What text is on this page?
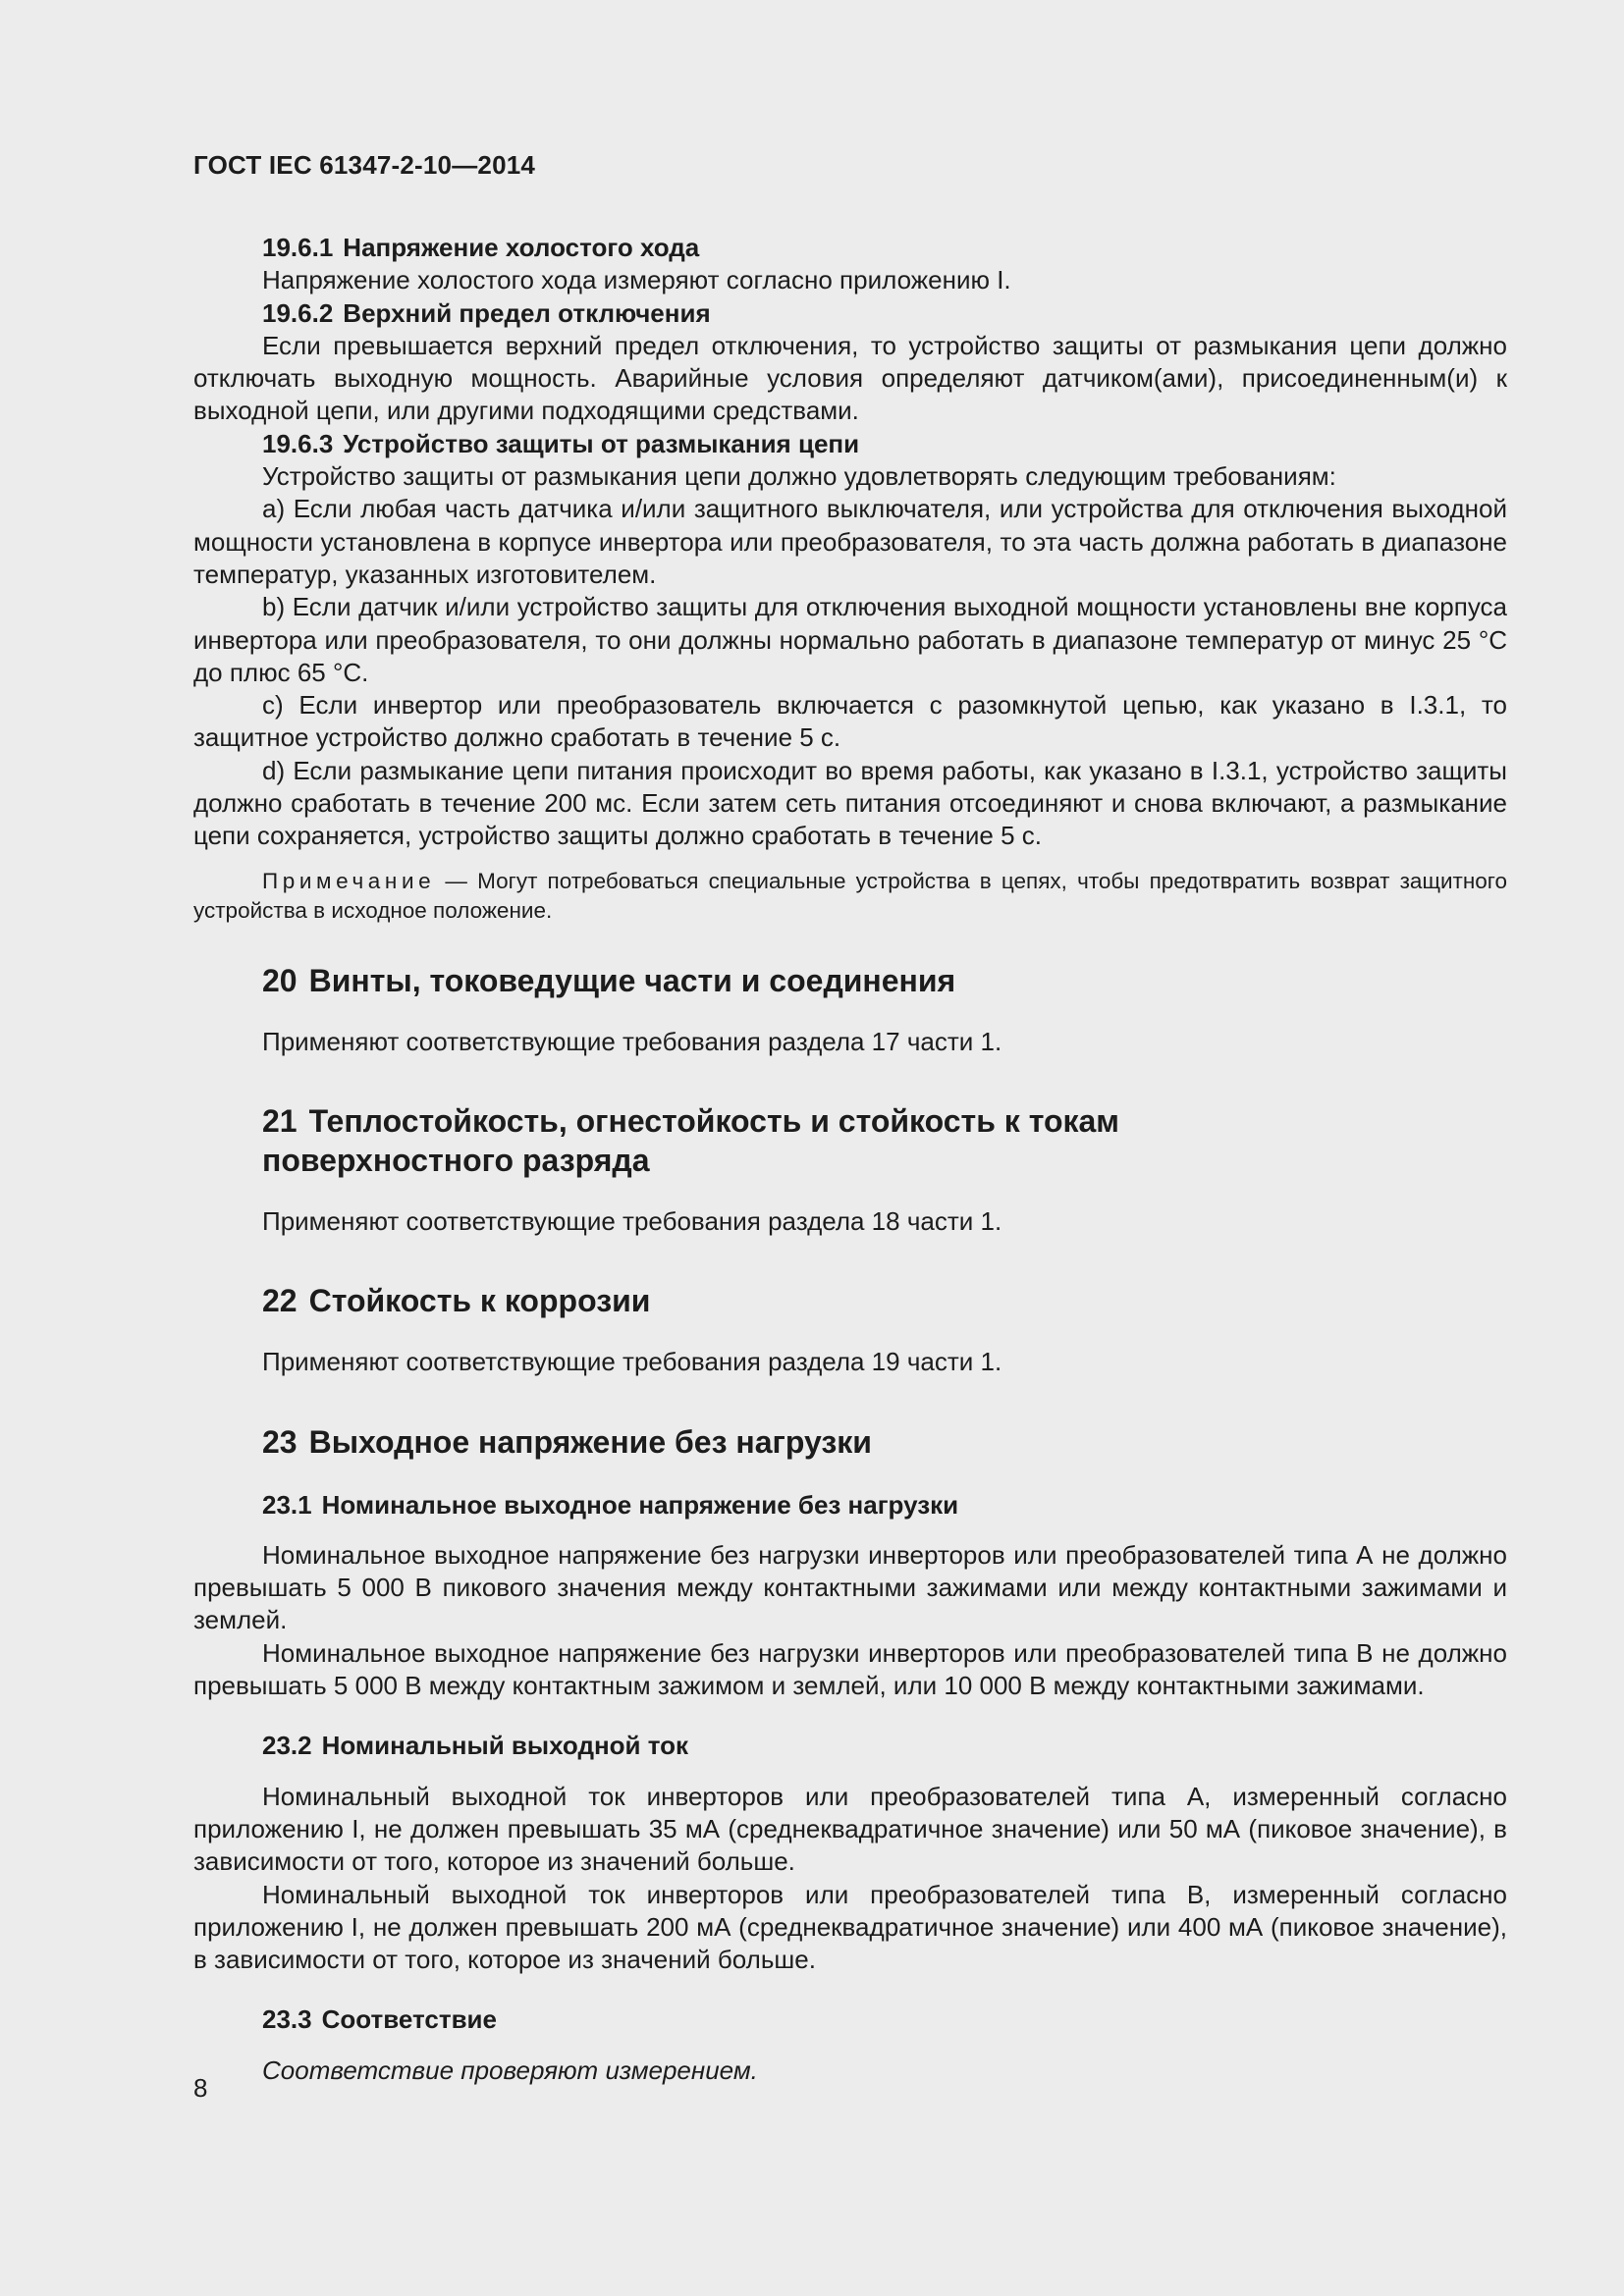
ГОСТ IEC 61347-2-10—2014

19.6.1 Напряжение холостого хода

Напряжение холостого хода измеряют согласно приложению I.

19.6.2 Верхний предел отключения

Если превышается верхний предел отключения, то устройство защиты от размыкания цепи должно отключать выходную мощность. Аварийные условия определяют датчиком(ами), присоединенным(и) к выходной цепи, или другими подходящими средствами.

19.6.3 Устройство защиты от размыкания цепи

Устройство защиты от размыкания цепи должно удовлетворять следующим требованиям:

a) Если любая часть датчика и/или защитного выключателя, или устройства для отключения выходной мощности установлена в корпусе инвертора или преобразователя, то эта часть должна работать в диапазоне температур, указанных изготовителем.

b) Если датчик и/или устройство защиты для отключения выходной мощности установлены вне корпуса инвертора или преобразователя, то они должны нормально работать в диапазоне температур от минус 25 °С до плюс 65 °С.

c) Если инвертор или преобразователь включается с разомкнутой цепью, как указано в I.3.1, то защитное устройство должно сработать в течение 5 с.

d) Если размыкание цепи питания происходит во время работы, как указано в I.3.1, устройство защиты должно сработать в течение 200 мс. Если затем сеть питания отсоединяют и снова включают, а размыкание цепи сохраняется, устройство защиты должно сработать в течение 5 с.

Примечание — Могут потребоваться специальные устройства в цепях, чтобы предотвратить возврат защитного устройства в исходное положение.

20 Винты, токоведущие части и соединения

Применяют соответствующие требования раздела 17 части 1.

21 Теплостойкость, огнестойкость и стойкость к токам
поверхностного разряда

Применяют соответствующие требования раздела 18 части 1.

22 Стойкость к коррозии

Применяют соответствующие требования раздела 19 части 1.

23 Выходное напряжение без нагрузки

23.1 Номинальное выходное напряжение без нагрузки

Номинальное выходное напряжение без нагрузки инверторов или преобразователей типа А не должно превышать 5 000 В пикового значения между контактными зажимами или между контактными зажимами и землей.

Номинальное выходное напряжение без нагрузки инверторов или преобразователей типа В не должно превышать 5 000 В между контактным зажимом и землей, или 10 000 В между контактными зажимами.

23.2 Номинальный выходной ток

Номинальный выходной ток инверторов или преобразователей типа А, измеренный согласно приложению I, не должен превышать 35 мА (среднеквадратичное значение) или 50 мА (пиковое значение), в зависимости от того, которое из значений больше.

Номинальный выходной ток инверторов или преобразователей типа В, измеренный согласно приложению I, не должен превышать 200 мА (среднеквадратичное значение) или 400 мА (пиковое значение), в зависимости от того, которое из значений больше.

23.3 Соответствие

Соответствие проверяют измерением.

8
